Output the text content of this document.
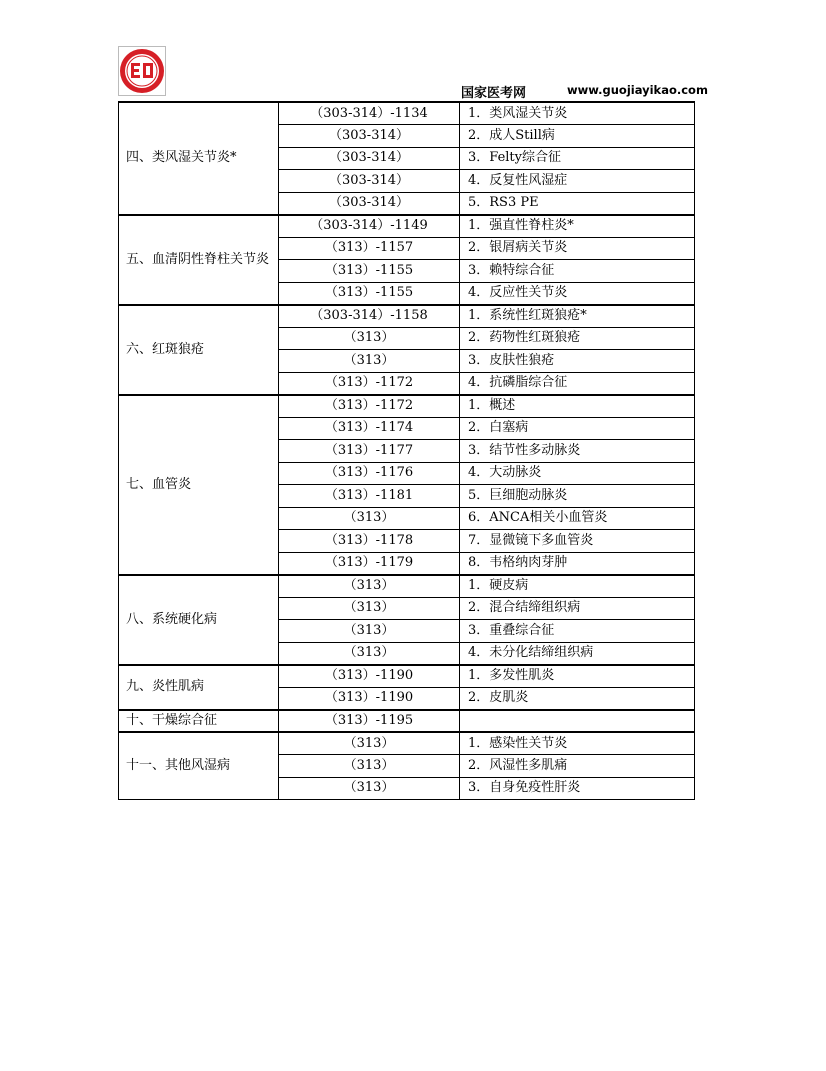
国家医考网	www.guojiayikao.com
四、类风湿关节炎*	（303-314）-1134	1．类风湿关节炎
	（303-314）	2．成人Still病
	（303-314）	3．Felty综合征
	（303-314）	4．反复性风湿症
	（303-314）	5．RS3 PE
五、血清阴性脊柱关节炎	（303-314）-1149	1．强直性脊柱炎*
	（313）-1157	2．银屑病关节炎
	（313）-1155	3．赖特综合征
	（313）-1155	4．反应性关节炎
六、红斑狼疮	（303-314）-1158	1．系统性红斑狼疮*
	（313）	2．药物性红斑狼疮
	（313）	3．皮肤性狼疮
	（313）-1172	4．抗磷脂综合征
七、血管炎	（313）-1172	1．概述
	（313）-1174	2．白塞病
	（313）-1177	3．结节性多动脉炎
	（313）-1176	4．大动脉炎
	（313）-1181	5．巨细胞动脉炎
	（313）	6．ANCA相关小血管炎
	（313）-1178	7．显微镜下多血管炎
	（313）-1179	8．韦格纳肉芽肿
八、系统硬化病	（313）	1．硬皮病
	（313）	2．混合结缔组织病
	（313）	3．重叠综合征
	（313）	4．未分化结缔组织病
九、炎性肌病	（313）-1190	1．多发性肌炎
	（313）-1190	2．皮肌炎
十、干燥综合征	（313）-1195	
十一、其他风湿病	（313）	1．感染性关节炎
	（313）	2．风湿性多肌痛
	（313）	3．自身免疫性肝炎
